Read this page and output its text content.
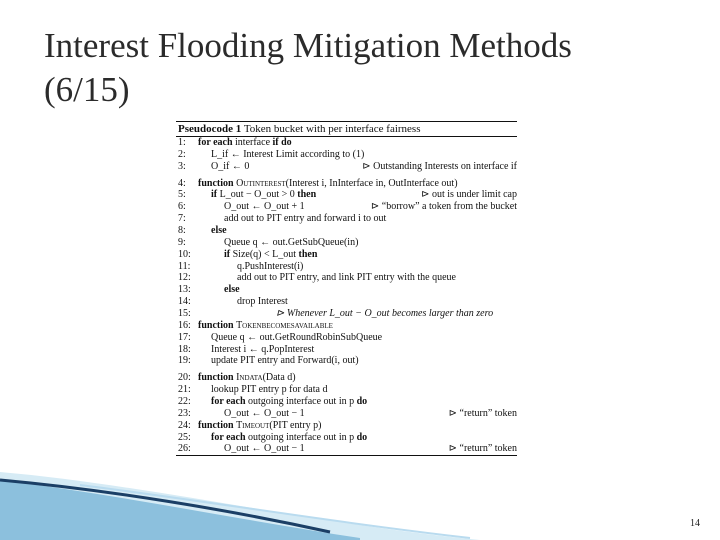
Interest Flooding Mitigation Methods
(6/15)
Pseudocode 1 Token bucket with per interface fairness
1:	for each interface if do
2:	L_if ← Interest Limit according to (1)
3:	O_if ← 0	⊳ Outstanding Interests on interface if
4:	function Outinterest(Interest i, InInterface in, OutInterface out)
5:	if L_out − O_out > 0 then	⊳ out is under limit cap
6:	O_out ← O_out + 1	⊳ “borrow” a token from the bucket
7:	add out to PIT entry and forward i to out
8:	else
9:	Queue q ← out.GetSubQueue(in)
10:	if Size(q) < L_out then
11:	q.PushInterest(i)
12:	add out to PIT entry, and link PIT entry with the queue
13:	else
14:	drop Interest
15:	⊳ Whenever L_out − O_out becomes larger than zero
16: function Tokenbecomesavailable
17: Queue q ← out.GetRoundRobinSubQueue
18: Interest i ← q.PopInterest
19: update PIT entry and Forward(i, out)
20: function Indata(Data d)
21: lookup PIT entry p for data d
22: for each outgoing interface out in p do
23:	O_out ← O_out − 1	⊳ “return” token
24: function Timeout(PIT entry p)
25: for each outgoing interface out in p do
26:	O_out ← O_out − 1	⊳ “return” token
14
